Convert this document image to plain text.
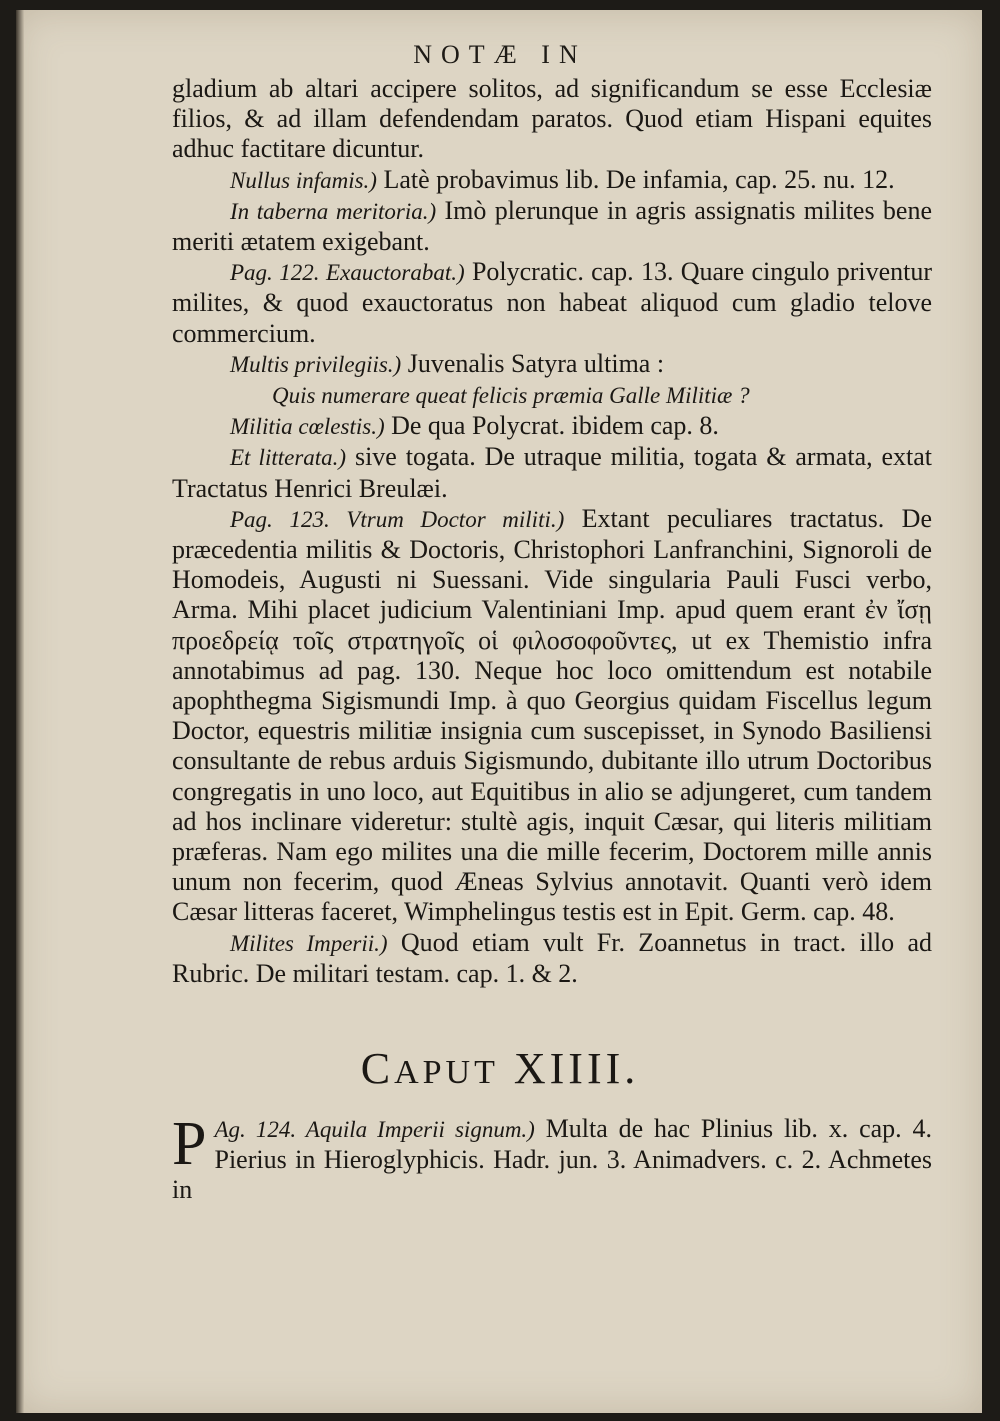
NOTÆ IN

gladium ab altari accipere solitos, ad significandum se esse Ecclesiæ filios, & ad illam defendendam paratos. Quod etiam Hispani equites adhuc factitare dicuntur.

Nullus infamis.) Latè probavimus lib. De infamia, cap. 25. nu. 12.

In taberna meritoria.) Imò plerunque in agris assignatis milites bene meriti ætatem exigebant.

Pag. 122. Exauctorabat.) Polycratic. cap. 13. Quare cingulo priventur milites, & quod exauctoratus non habeat aliquod cum gladio telove commercium.

Multis privilegiis.) Juvenalis Satyra ultima :

Quis numerare queat felicis præmia Galle Militiæ ?

Militia cœlestis.) De qua Polycrat. ibidem cap. 8.

Et litterata.) sive togata. De utraque militia, togata & armata, extat Tractatus Henrici Breulæi.

Pag. 123. Vtrum Doctor militi.) Extant peculiares tractatus. De præcedentia militis & Doctoris, Christophori Lanfranchini, Signoroli de Homodeis, Augusti ni Suessani. Vide singularia Pauli Fusci verbo, Arma. Mihi placet judicium Valentiniani Imp. apud quem erant ἐν ἴσῃ προεδρείᾳ τοῖς στρατηγοῖς οἱ φιλοσοφοῦντες, ut ex Themistio infra annotabimus ad pag. 130. Neque hoc loco omittendum est notabile apophthegma Sigismundi Imp. à quo Georgius quidam Fiscellus legum Doctor, equestris militiæ insignia cum suscepisset, in Synodo Basiliensi consultante de rebus arduis Sigismundo, dubitante illo utrum Doctoribus congregatis in uno loco, aut Equitibus in alio se adjungeret, cum tandem ad hos inclinare videretur: stultè agis, inquit Cæsar, qui literis militiam præferas. Nam ego milites una die mille fecerim, Doctorem mille annis unum non fecerim, quod Æneas Sylvius annotavit. Quanti verò idem Cæsar litteras faceret, Wimphelingus testis est in Epit. Germ. cap. 48.

Milites Imperii.) Quod etiam vult Fr. Zoannetus in tract. illo ad Rubric. De militari testam. cap. 1. & 2.

CAPUT XIIII.
P Ag. 124. Aquila Imperii signum.) Multa de hac Plinius lib. x. cap. 4. Pierius in Hieroglyphicis. Hadr. jun. 3. Animadvers. c. 2. Achmetes in
